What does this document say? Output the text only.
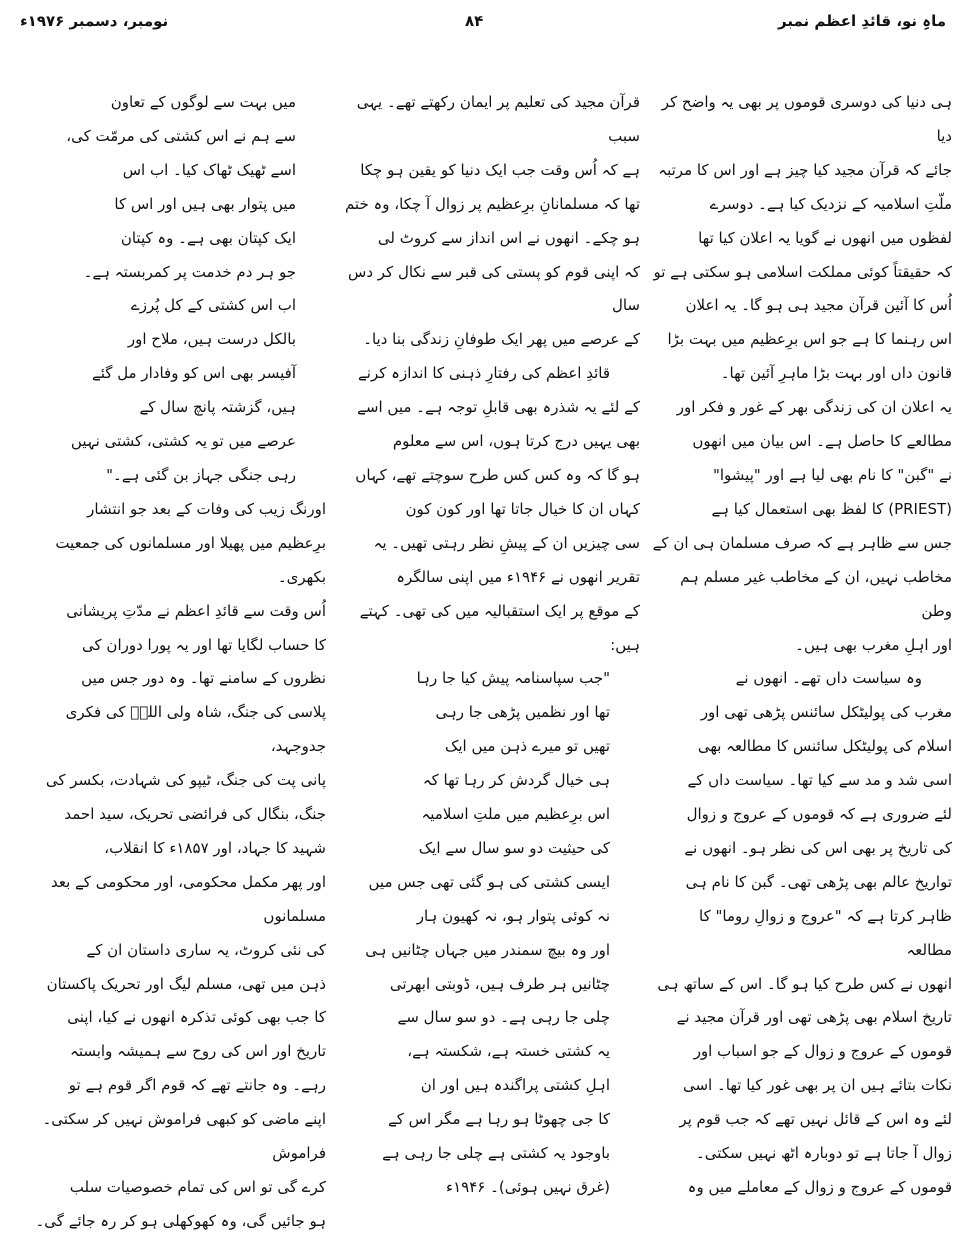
ماہِ نو، قائدِ اعظم نمبر
۸۴
نومبر، دسمبر ۱۹۷۶ء
ہی دنیا کی دوسری قوموں پر بھی یہ واضح کر دیا
جائے کہ قرآن مجید کیا چیز ہے اور اس کا مرتبہ
ملّتِ اسلامیہ کے نزدیک کیا ہے۔ دوسرے
لفظوں میں انھوں نے گویا یہ اعلان کیا تھا
کہ حقیقتاً کوئی مملکت اسلامی ہو سکتی ہے تو
اُس کا آئین قرآن مجید ہی ہو گا۔ یہ اعلان
اس رہنما کا ہے جو اس برِعظیم میں بہت بڑا
قانون داں اور بہت بڑا ماہرِ آئین تھا۔
یہ اعلان ان کی زندگی بھر کے غور و فکر اور
مطالعے کا حاصل ہے۔ اس بیان میں انھوں
نے "گبن" کا نام بھی لیا ہے اور "پیشوا"
(PRIEST) کا لفظ بھی استعمال کیا ہے
جس سے ظاہر ہے کہ صرف مسلمان ہی ان کے
مخاطب نہیں، ان کے مخاطب غیر مسلم ہم وطن
اور اہلِ مغرب بھی ہیں۔
وہ سیاست داں تھے۔ انھوں نے
مغرب کی پولیٹکل سائنس پڑھی تھی اور
اسلام کی پولیٹکل سائنس کا مطالعہ بھی
اسی شد و مد سے کیا تھا۔ سیاست داں کے
لئے ضروری ہے کہ قوموں کے عروج و زوال
کی تاریخ پر بھی اس کی نظر ہو۔ انھوں نے
تواریخ عالم بھی پڑھی تھی۔ گبن کا نام ہی
ظاہر کرتا ہے کہ "عروج و زوالِ روما" کا مطالعہ
انھوں نے کس طرح کیا ہو گا۔ اس کے ساتھ ہی
تاریخ اسلام بھی پڑھی تھی اور قرآن مجید نے
قوموں کے عروج و زوال کے جو اسباب اور
نکات بتائے ہیں ان پر بھی غور کیا تھا۔ اسی
لئے وہ اس کے قائل نہیں تھے کہ جب قوم پر
زوال آ جاتا ہے تو دوبارہ اٹھ نہیں سکتی۔
قوموں کے عروج و زوال کے معاملے میں وہ
قرآن مجید کی تعلیم پر ایمان رکھتے تھے۔ یہی سبب
ہے کہ اُس وقت جب ایک دنیا کو یقین ہو چکا
تھا کہ مسلمانانِ برِعظیم پر زوال آ چکا، وہ ختم
ہو چکے۔ انھوں نے اس انداز سے کروٹ لی
کہ اپنی قوم کو پستی کی قبر سے نکال کر دس سال
کے عرصے میں پھر ایک طوفانِ زندگی بنا دیا۔
قائدِ اعظم کی رفتارِ ذہنی کا اندازہ کرنے
کے لئے یہ شذرہ بھی قابلِ توجہ ہے۔ میں اسے
بھی یہیں درج کرتا ہوں، اس سے معلوم
ہو گا کہ وہ کس کس طرح سوچتے تھے، کہاں
کہاں ان کا خیال جاتا تھا اور کون کون
سی چیزیں ان کے پیشِ نظر رہتی تھیں۔ یہ
تقریر انھوں نے ۱۹۴۶ء میں اپنی سالگرہ
کے موقع پر ایک استقبالیہ میں کی تھی۔ کہتے ہیں:
"جب سپاسنامہ پیش کیا جا رہا
تھا اور نظمیں پڑھی جا رہی
تھیں تو میرے ذہن میں ایک
ہی خیال گردش کر رہا تھا کہ
اس برِعظیم میں ملتِ اسلامیہ
کی حیثیت دو سو سال سے ایک
ایسی کشتی کی ہو گئی تھی جس میں
نہ کوئی پتوار ہو، نہ کھیون ہار
اور وہ بیچ سمندر میں جہاں چٹانیں ہی
چٹانیں ہر طرف ہیں، ڈوبتی ابھرتی
چلی جا رہی ہے۔ دو سو سال سے
یہ کشتی خستہ ہے، شکستہ ہے،
اہلِ کشتی پراگندہ ہیں اور ان
کا جی چھوٹا ہو رہا ہے مگر اس کے
باوجود یہ کشتی ہے چلی جا رہی ہے
(غرق نہیں ہوئی)۔ ۱۹۴۶ء
میں بہت سے لوگوں کے تعاون
سے ہم نے اس کشتی کی مرمّت کی،
اسے ٹھیک ٹھاک کیا۔ اب اس
میں پتوار بھی ہیں اور اس کا
ایک کپتان بھی ہے۔ وہ کپتان
جو ہر دم خدمت پر کمربستہ ہے۔
اب اس کشتی کے کل پُرزے
بالکل درست ہیں، ملاح اور
آفیسر بھی اس کو وفادار مل گئے
ہیں، گزشتہ پانچ سال کے
عرصے میں تو یہ کشتی، کشتی نہیں
رہی جنگی جہاز بن گئی ہے۔"
اورنگ زیب کی وفات کے بعد جو انتشار
برِعظیم میں پھیلا اور مسلمانوں کی جمعیت بکھری۔
اُس وقت سے قائدِ اعظم نے مدّتِ پریشانی
کا حساب لگایا تھا اور یہ پورا دوران کی
نظروں کے سامنے تھا۔ وہ دور جس میں
پلاسی کی جنگ، شاہ ولی اللہؒ کی فکری جدوجہد،
پانی پت کی جنگ، ٹیپو کی شہادت، بکسر کی
جنگ، بنگال کی فرائضی تحریک، سید احمد
شہید کا جہاد، اور ۱۸۵۷ء کا انقلاب،
اور پھر مکمل محکومی، اور محکومی کے بعد مسلمانوں
کی نئی کروٹ، یہ ساری داستان ان کے
ذہن میں تھی، مسلم لیگ اور تحریک پاکستان
کا جب بھی کوئی تذکرہ انھوں نے کیا، اپنی
تاریخ اور اس کی روح سے ہمیشہ وابستہ
رہے۔ وہ جانتے تھے کہ قوم اگر قوم ہے تو
اپنے ماضی کو کبھی فراموش نہیں کر سکتی۔ فراموش
کرے گی تو اس کی تمام خصوصیات سلب
ہو جائیں گی، وہ کھوکھلی ہو کر رہ جائے گی۔
